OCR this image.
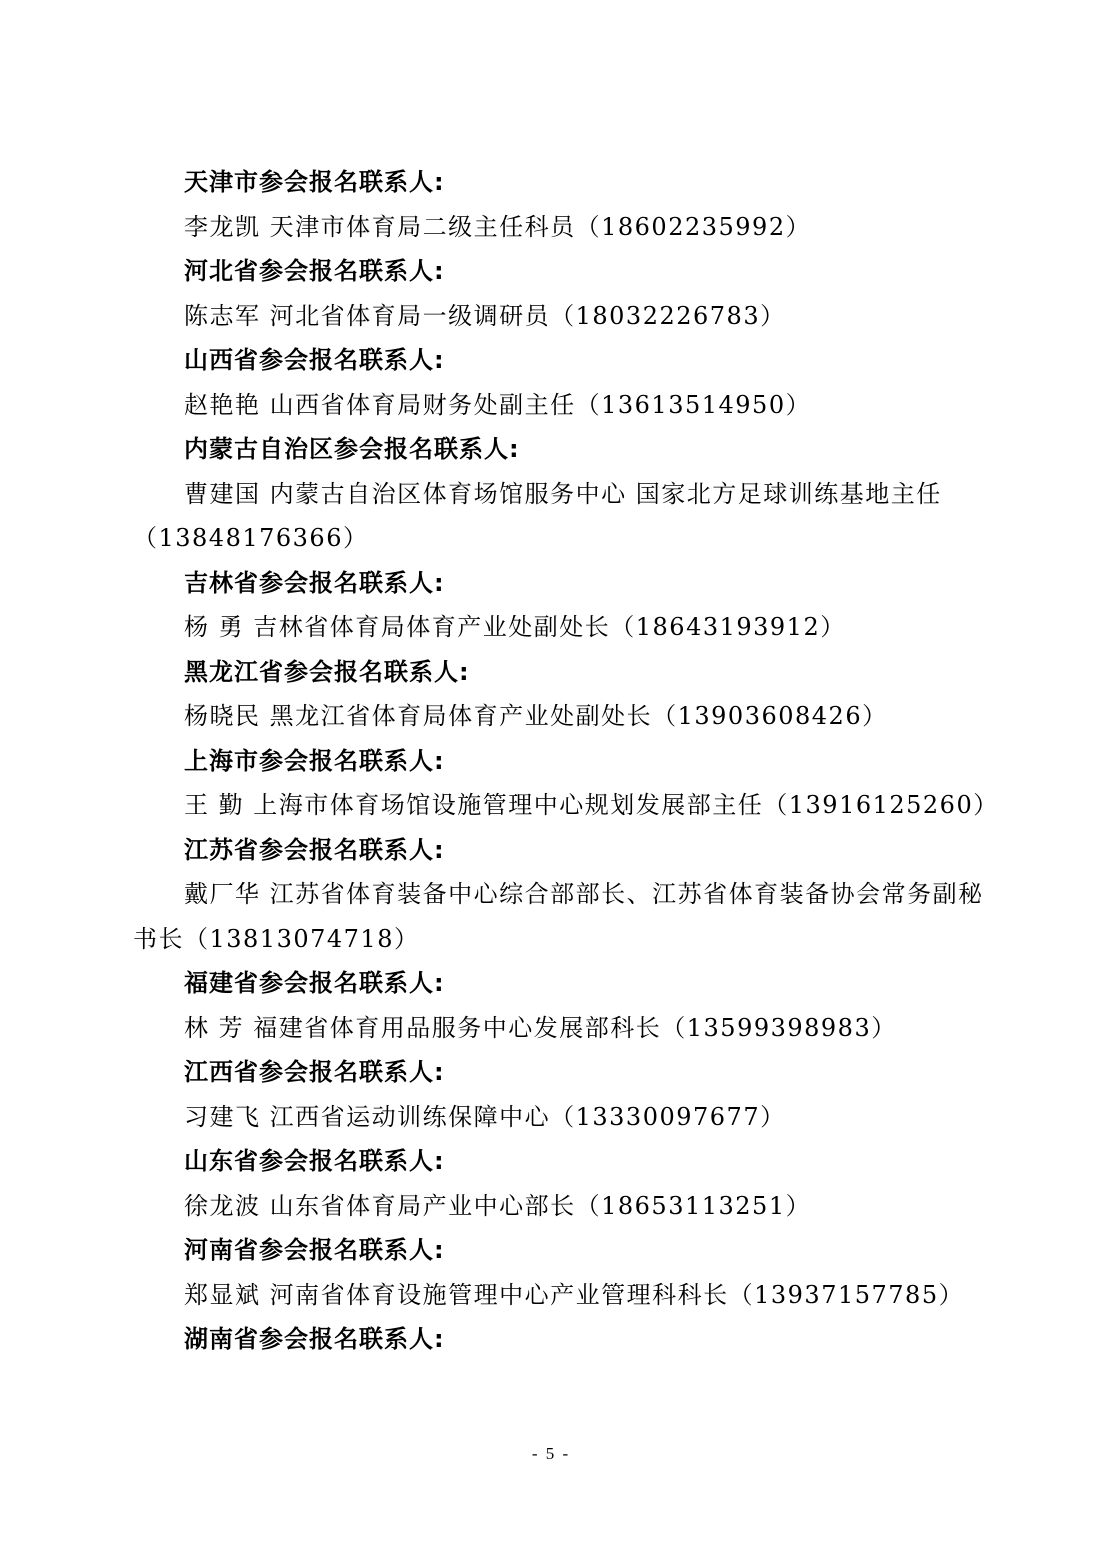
天津市参会报名联系人:
李龙凯 天津市体育局二级主任科员（18602235992）
河北省参会报名联系人:
陈志军 河北省体育局一级调研员（18032226783）
山西省参会报名联系人:
赵艳艳 山西省体育局财务处副主任（13613514950）
内蒙古自治区参会报名联系人:
曹建国 内蒙古自治区体育场馆服务中心 国家北方足球训练基地主任（13848176366）
吉林省参会报名联系人:
杨 勇 吉林省体育局体育产业处副处长（18643193912）
黑龙江省参会报名联系人:
杨晓民 黑龙江省体育局体育产业处副处长（13903608426）
上海市参会报名联系人:
王 勤 上海市体育场馆设施管理中心规划发展部主任（13916125260）
江苏省参会报名联系人:
戴厂华 江苏省体育装备中心综合部部长、江苏省体育装备协会常务副秘书长（13813074718）
福建省参会报名联系人:
林 芳 福建省体育用品服务中心发展部科长（13599398983）
江西省参会报名联系人:
习建飞 江西省运动训练保障中心（13330097677）
山东省参会报名联系人:
徐龙波 山东省体育局产业中心部长（18653113251）
河南省参会报名联系人:
郑显斌 河南省体育设施管理中心产业管理科科长（13937157785）
湖南省参会报名联系人:
- 5 -
